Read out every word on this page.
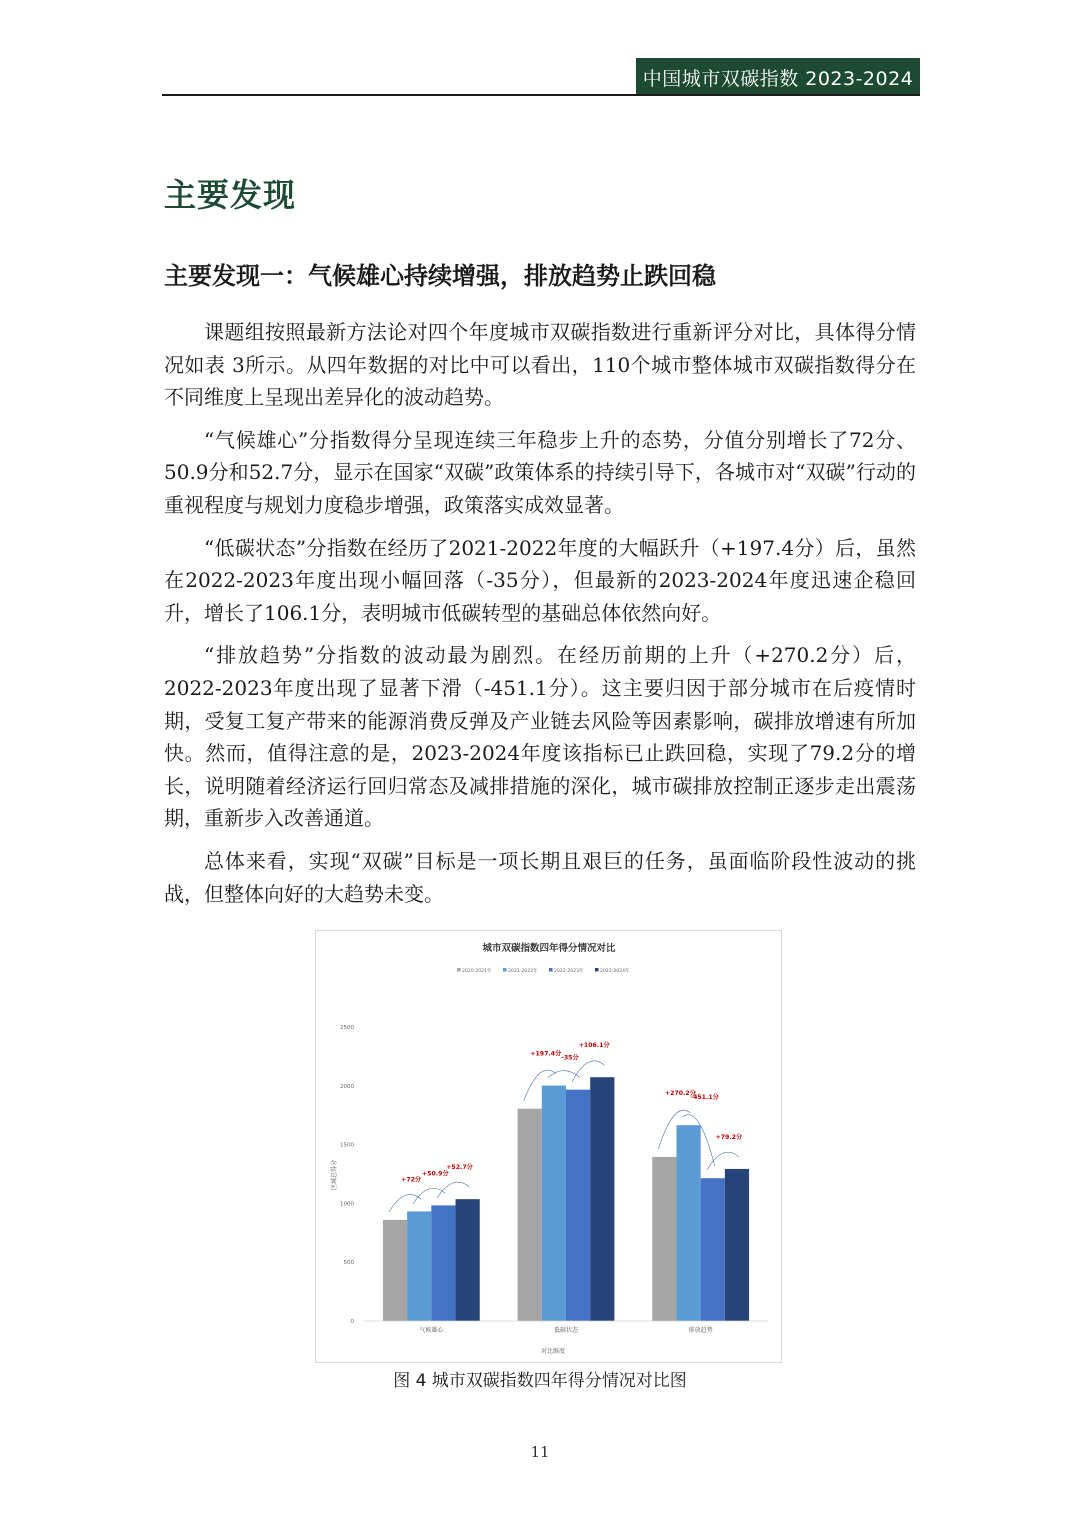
中国城市双碳指数 2023-2024
主要发现
主要发现一：气候雄心持续增强，排放趋势止跌回稳

课题组按照最新方法论对四个年度城市双碳指数进行重新评分对比，具体得分情况如表 3所示。从四年数据的对比中可以看出，110个城市整体城市双碳指数得分在不同维度上呈现出差异化的波动趋势。

“气候雄心”分指数得分呈现连续三年稳步上升的态势，分值分别增长了72分、50.9分和52.7分，显示在国家“双碳”政策体系的持续引导下，各城市对“双碳”行动的重视程度与规划力度稳步增强，政策落实成效显著。

“低碳状态”分指数在经历了2021-2022年度的大幅跃升（+197.4分）后，虽然在2022-2023年度出现小幅回落（-35分），但最新的2023-2024年度迅速企稳回升，增长了106.1分，表明城市低碳转型的基础总体依然向好。

“排放趋势”分指数的波动最为剧烈。在经历前期的上升（+270.2分）后，2022-2023年度出现了显著下滑（-451.1分）。这主要归因于部分城市在后疫情时期，受复工复产带来的能源消费反弹及产业链去风险等因素影响，碳排放增速有所加快。然而，值得注意的是，2023-2024年度该指标已止跌回稳，实现了79.2分的增长，说明随着经济运行回归常态及减排措施的深化，城市碳排放控制正逐步走出震荡期，重新步入改善通道。

总体来看，实现“双碳”目标是一项长期且艰巨的任务，虽面临阶段性波动的挑战，但整体向好的大趋势未变。

城市双碳指数四年得分情况对比
2020-2021年	2021-2022年	2022-2023年	2023-2024年
0
500
1000
1500
2000
2500
气候雄心	低碳状态	排放趋势
+72分
+50.9分
+52.7分
+197.4分
-35分
+106.1分
+270.2分
-451.1分
+79.2分
对比维度
区域总得分
图 4 城市双碳指数四年得分情况对比图
11
